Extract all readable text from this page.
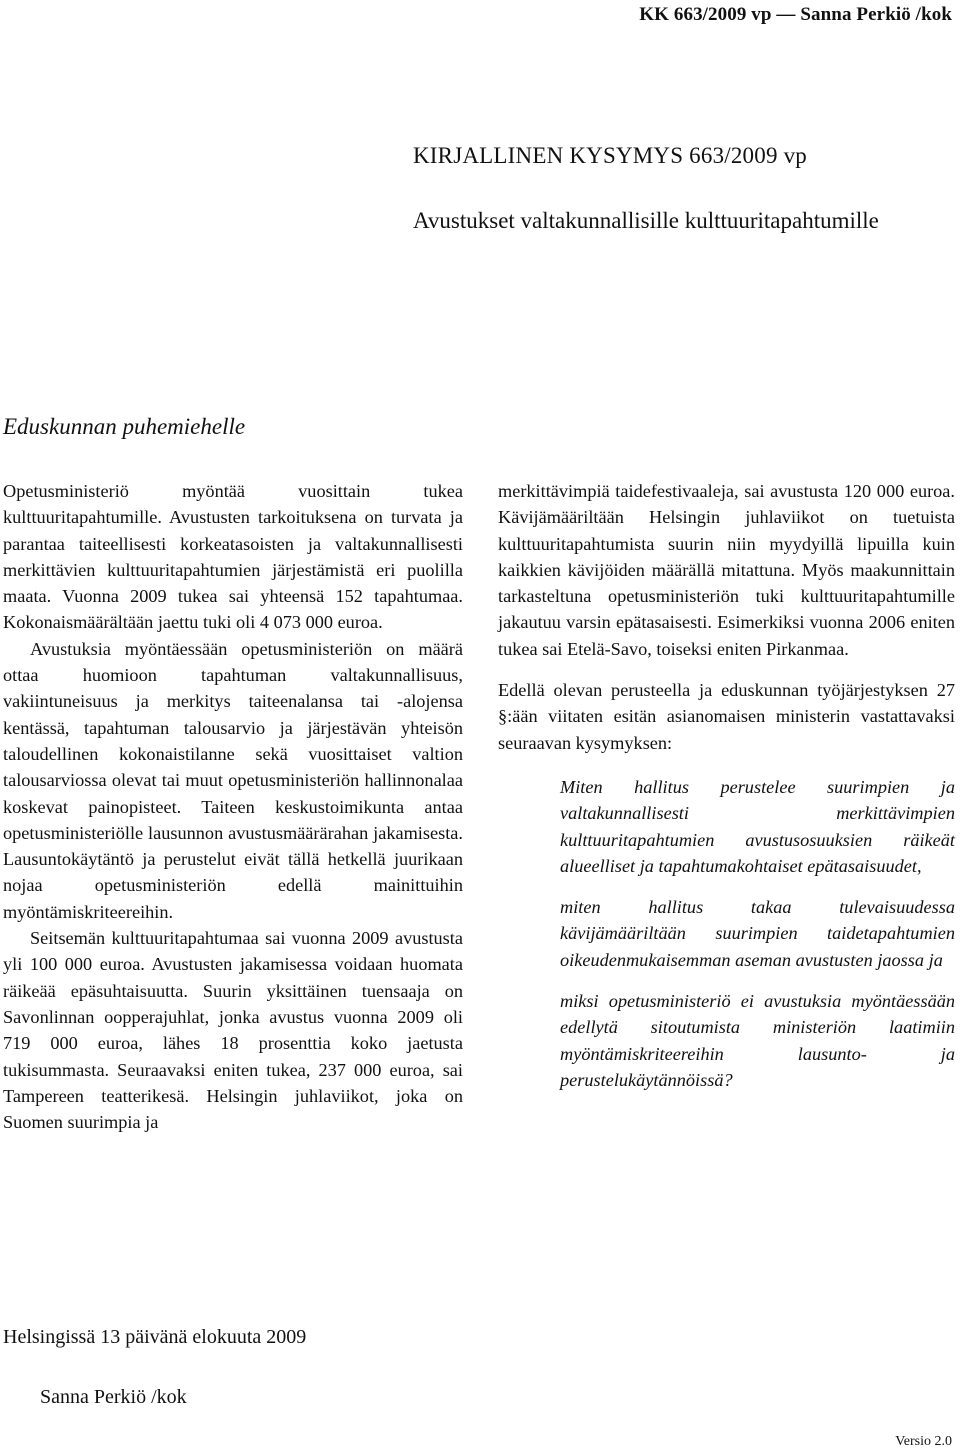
KK 663/2009 vp — Sanna Perkiö /kok
KIRJALLINEN KYSYMYS 663/2009 vp
Avustukset valtakunnallisille kulttuuritapahtumille
Eduskunnan puhemiehelle

Opetusministeriö myöntää vuosittain tukea kulttuuritapahtumille. Avustusten tarkoituksena on turvata ja parantaa taiteellisesti korkeatasoisten ja valtakunnallisesti merkittävien kulttuuritapahtumien järjestämistä eri puolilla maata. Vuonna 2009 tukea sai yhteensä 152 tapahtumaa. Kokonaismäärältään jaettu tuki oli 4 073 000 euroa.

Avustuksia myöntäessään opetusministeriön on määrä ottaa huomioon tapahtuman valtakunnallisuus, vakiintuneisuus ja merkitys taiteenalansa tai -alojensa kentässä, tapahtuman talousarvio ja järjestävän yhteisön taloudellinen kokonaistilanne sekä vuosittaiset valtion talousarviossa olevat tai muut opetusministeriön hallinnonalaa koskevat painopisteet. Taiteen keskustoimikunta antaa opetusministeriölle lausunnon avustusmäärärahan jakamisesta. Lausuntokäytäntö ja perustelut eivät tällä hetkellä juurikaan nojaa opetusministeriön edellä mainittuihin myöntämiskriteereihin.

Seitsemän kulttuuritapahtumaa sai vuonna 2009 avustusta yli 100 000 euroa. Avustusten jakamisessa voidaan huomata räikeää epäsuhtaisuutta. Suurin yksittäinen tuensaaja on Savonlinnan oopperajuhlat, jonka avustus vuonna 2009 oli 719 000 euroa, lähes 18 prosenttia koko jaetusta tukisummasta. Seuraavaksi eniten tukea, 237 000 euroa, sai Tampereen teatterikesä. Helsingin juhlaviikot, joka on Suomen suurimpia ja

merkittävimpiä taidefestivaaleja, sai avustusta 120 000 euroa. Kävijämääriltään Helsingin juhlaviikot on tuetuista kulttuuritapahtumista suurin niin myydyillä lipuilla kuin kaikkien kävijöiden määrällä mitattuna. Myös maakunnittain tarkasteltuna opetusministeriön tuki kulttuuritapahtumille jakautuu varsin epätasaisesti. Esimerkiksi vuonna 2006 eniten tukea sai Etelä-Savo, toiseksi eniten Pirkanmaa.

Edellä olevan perusteella ja eduskunnan työjärjestyksen 27 §:ään viitaten esitän asianomaisen ministerin vastattavaksi seuraavan kysymyksen:

Miten hallitus perustelee suurimpien ja valtakunnallisesti merkittävimpien kulttuuritapahtumien avustusosuuksien räikeät alueelliset ja tapahtumakohtaiset epätasaisuudet,

miten hallitus takaa tulevaisuudessa kävijämääriltään suurimpien taidetapahtumien oikeudenmukaisemman aseman avustusten jaossa ja

miksi opetusministeriö ei avustuksia myöntäessään edellytä sitoutumista ministeriön laatimiin myöntämiskriteereihin lausunto- ja perustelukäytännöissä?

Helsingissä 13 päivänä elokuuta 2009
Sanna Perkiö /kok
Versio 2.0
